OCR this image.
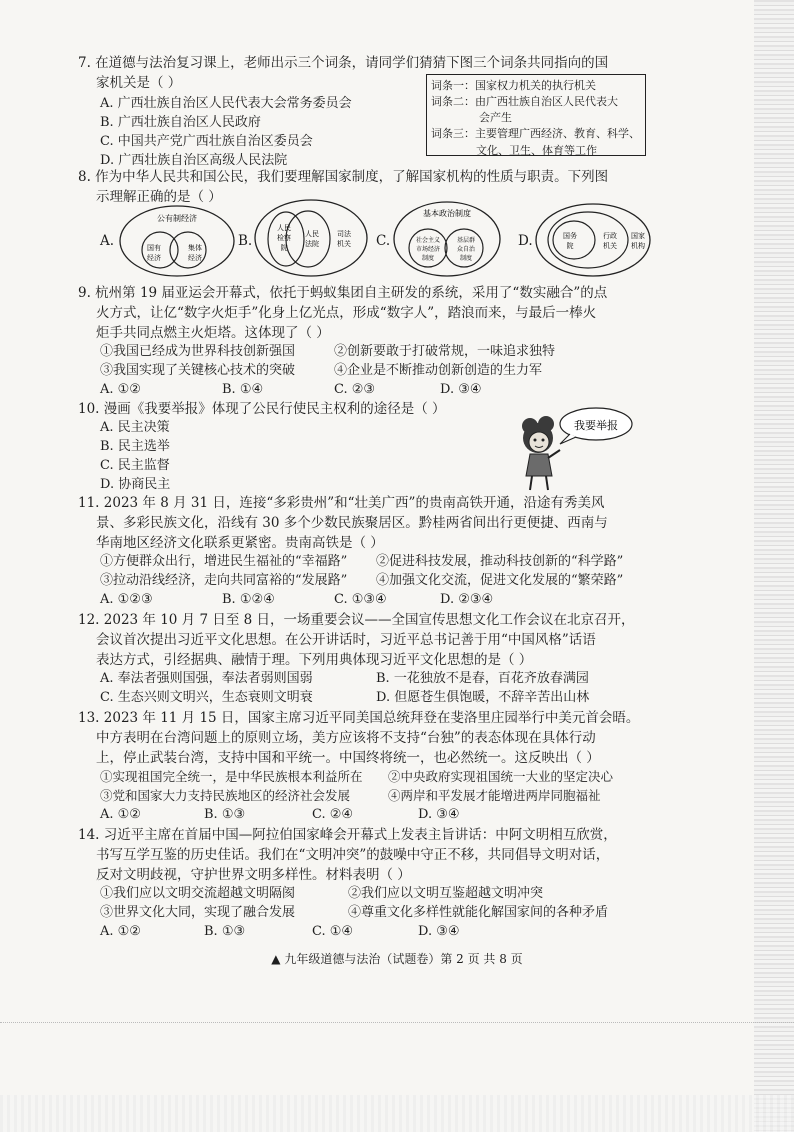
7. 在道德与法治复习课上，老师出示三个词条，请同学们猜猜下图三个词条共同指向的国
家机关是（ ）
A. 广西壮族自治区人民代表大会常务委员会
B. 广西壮族自治区人民政府
C. 中国共产党广西壮族自治区委员会
D. 广西壮族自治区高级人民法院
词条一：国家权力机关的执行机关
词条二：由广西壮族自治区人民代表大
会产生
词条三：主要管理广西经济、教育、科学、
文化、卫生、体育等工作
8. 作为中华人民共和国公民，我们要理解国家制度，了解国家机构的性质与职责。下列图
示理解正确的是（ ）
A.
公有制经济
国有
经济
集体
经济
B.
人民
检察
院
人民
法院
司法
机关 C.
基本政治制度
社会主义
市场经济
制度
基层群
众自治
制度
D.	国务
院
行政
机关
国家
机构
9. 杭州第 19 届亚运会开幕式，依托于蚂蚁集团自主研发的系统，采用了“数实融合”的点
火方式，让亿“数字火炬手”化身上亿光点，形成“数字人”，踏浪而来，与最后一棒火
炬手共同点燃主火炬塔。这体现了（ ）
①我国已经成为世界科技创新强国	②创新要敢于打破常规，一味追求独特
③我国实现了关键核心技术的突破	④企业是不断推动创新创造的生力军
A. ①②	B. ①④	C. ②③	D. ③④
10. 漫画《我要举报》体现了公民行使民主权利的途径是（ ）
A. 民主决策
B. 民主选举
C. 民主监督
D. 协商民主
我要举报
11. 2023 年 8 月 31 日，连接“多彩贵州”和“壮美广西”的贵南高铁开通，沿途有秀美风
景、多彩民族文化，沿线有 30 多个少数民族聚居区。黔桂两省间出行更便捷、西南与
华南地区经济文化联系更紧密。贵南高铁是（ ）
①方便群众出行，增进民生福祉的“幸福路” ②促进科技发展，推动科技创新的“科学路”
③拉动沿线经济，走向共同富裕的“发展路” ④加强文化交流，促进文化发展的“繁荣路”
A. ①②③	B. ①②④	C. ①③④	D. ②③④
12. 2023 年 10 月 7 日至 8 日，一场重要会议——全国宣传思想文化工作会议在北京召开，
会议首次提出习近平文化思想。在公开讲话时，习近平总书记善于用“中国风格”话语
表达方式，引经据典、融情于理。下列用典体现习近平文化思想的是（ ）
A. 奉法者强则国强，奉法者弱则国弱	B. 一花独放不是春，百花齐放春满园
C. 生态兴则文明兴，生态衰则文明衰	D. 但愿苍生俱饱暖，不辞辛苦出山林
13. 2023 年 11 月 15 日，国家主席习近平同美国总统拜登在斐洛里庄园举行中美元首会晤。
中方表明在台湾问题上的原则立场，美方应该将不支持“台独”的表态体现在具体行动
上，停止武装台湾，支持中国和平统一。中国终将统一，也必然统一。这反映出（ ）
①实现祖国完全统一，是中华民族根本利益所在 ②中央政府实现祖国统一大业的坚定决心
③党和国家大力支持民族地区的经济社会发展	④两岸和平发展才能增进两岸同胞福祉
A. ①②	B. ①③	C. ②④	D. ③④
14. 习近平主席在首届中国—阿拉伯国家峰会开幕式上发表主旨讲话：中阿文明相互欣赏，
书写互学互鉴的历史佳话。我们在“文明冲突”的鼓噪中守正不移，共同倡导文明对话，
反对文明歧视，守护世界文明多样性。材料表明（ ）
①我们应以文明交流超越文明隔阂	②我们应以文明互鉴超越文明冲突
③世界文化大同，实现了融合发展	④尊重文化多样性就能化解国家间的各种矛盾
A. ①②	B. ①③	C. ①④	D. ③④
▲ 九年级道德与法治（试题卷）第 2 页 共 8 页
